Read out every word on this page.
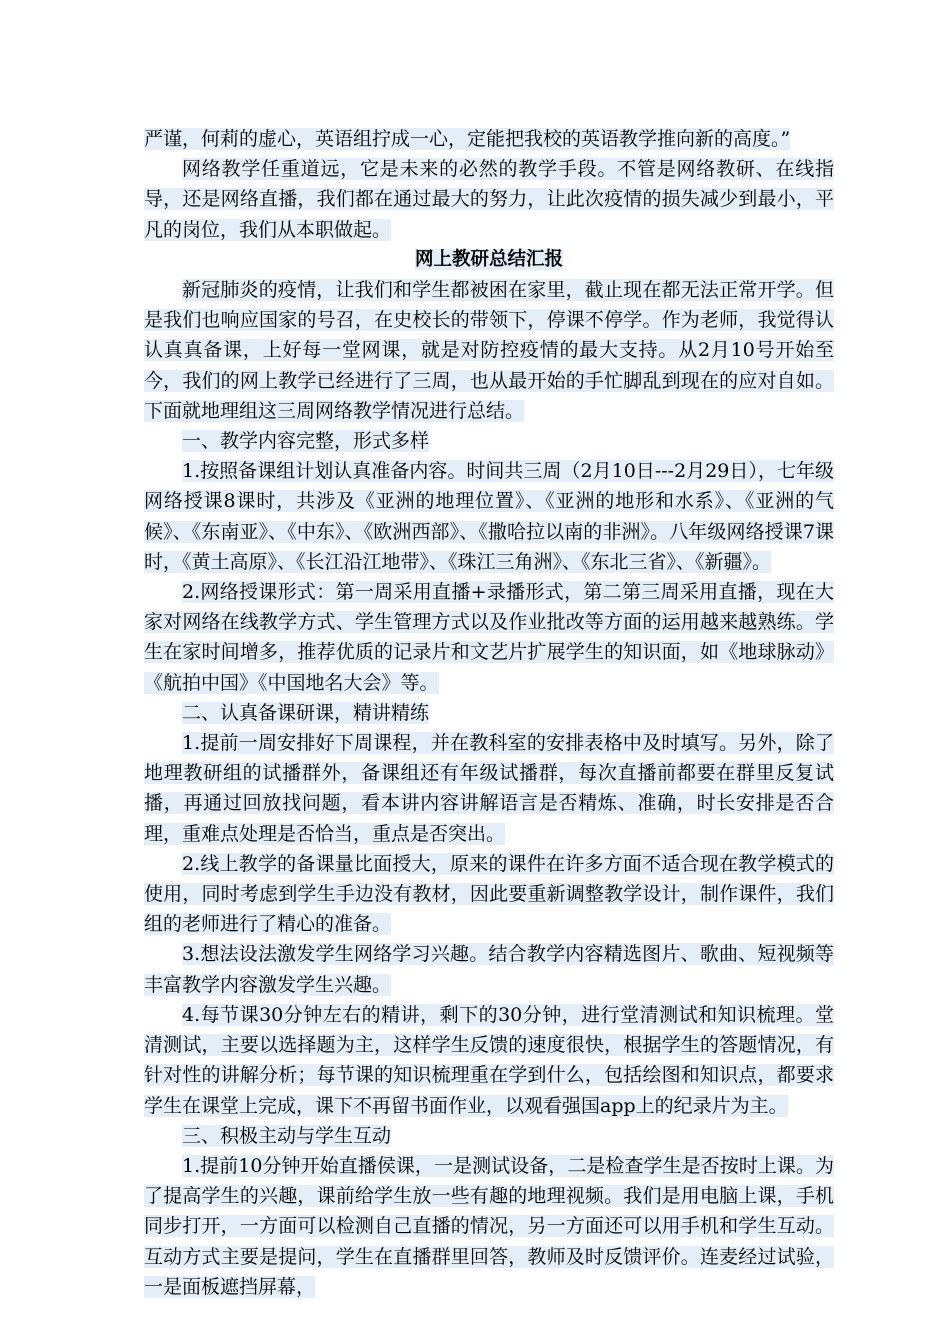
严谨，何莉的虚心，英语组拧成一心，定能把我校的英语教学推向新的高度。”

网络教学任重道远，它是未来的必然的教学手段。不管是网络教研、在线指导，还是网络直播，我们都在通过最大的努力，让此次疫情的损失减少到最小，平凡的岗位，我们从本职做起。

网上教研总结汇报

新冠肺炎的疫情，让我们和学生都被困在家里，截止现在都无法正常开学。但是我们也响应国家的号召，在史校长的带领下，停课不停学。作为老师，我觉得认认真真备课，上好每一堂网课，就是对防控疫情的最大支持。从2月10号开始至今，我们的网上教学已经进行了三周，也从最开始的手忙脚乱到现在的应对自如。下面就地理组这三周网络教学情况进行总结。

一、教学内容完整，形式多样

1.按照备课组计划认真准备内容。时间共三周（2月10日---2月29日），七年级网络授课8课时，共涉及《亚洲的地理位置》、《亚洲的地形和水系》、《亚洲的气候》、《东南亚》、《中东》、《欧洲西部》、《撒哈拉以南的非洲》。八年级网络授课7课时，《黄土高原》、《长江沿江地带》、《珠江三角洲》、《东北三省》、《新疆》。

2.网络授课形式：第一周采用直播+录播形式，第二第三周采用直播，现在大家对网络在线教学方式、学生管理方式以及作业批改等方面的运用越来越熟练。学生在家时间增多，推荐优质的记录片和文艺片扩展学生的知识面，如《地球脉动》《航拍中国》《中国地名大会》等。

二、认真备课研课，精讲精练

1.提前一周安排好下周课程，并在教科室的安排表格中及时填写。另外，除了地理教研组的试播群外，备课组还有年级试播群，每次直播前都要在群里反复试播，再通过回放找问题，看本讲内容讲解语言是否精炼、准确，时长安排是否合理，重难点处理是否恰当，重点是否突出。

2.线上教学的备课量比面授大，原来的课件在许多方面不适合现在教学模式的使用，同时考虑到学生手边没有教材，因此要重新调整教学设计，制作课件，我们组的老师进行了精心的准备。

3.想法设法激发学生网络学习兴趣。结合教学内容精选图片、歌曲、短视频等丰富教学内容激发学生兴趣。

4.每节课30分钟左右的精讲，剩下的30分钟，进行堂清测试和知识梳理。堂清测试，主要以选择题为主，这样学生反馈的速度很快，根据学生的答题情况，有针对性的讲解分析；每节课的知识梳理重在学到什么，包括绘图和知识点，都要求学生在课堂上完成，课下不再留书面作业，以观看强国app上的纪录片为主。

三、积极主动与学生互动

1.提前10分钟开始直播侯课，一是测试设备，二是检查学生是否按时上课。为了提高学生的兴趣，课前给学生放一些有趣的地理视频。我们是用电脑上课，手机同步打开，一方面可以检测自己直播的情况，另一方面还可以用手机和学生互动。互动方式主要是提问，学生在直播群里回答，教师及时反馈评价。连麦经过试验，一是面板遮挡屏幕，
